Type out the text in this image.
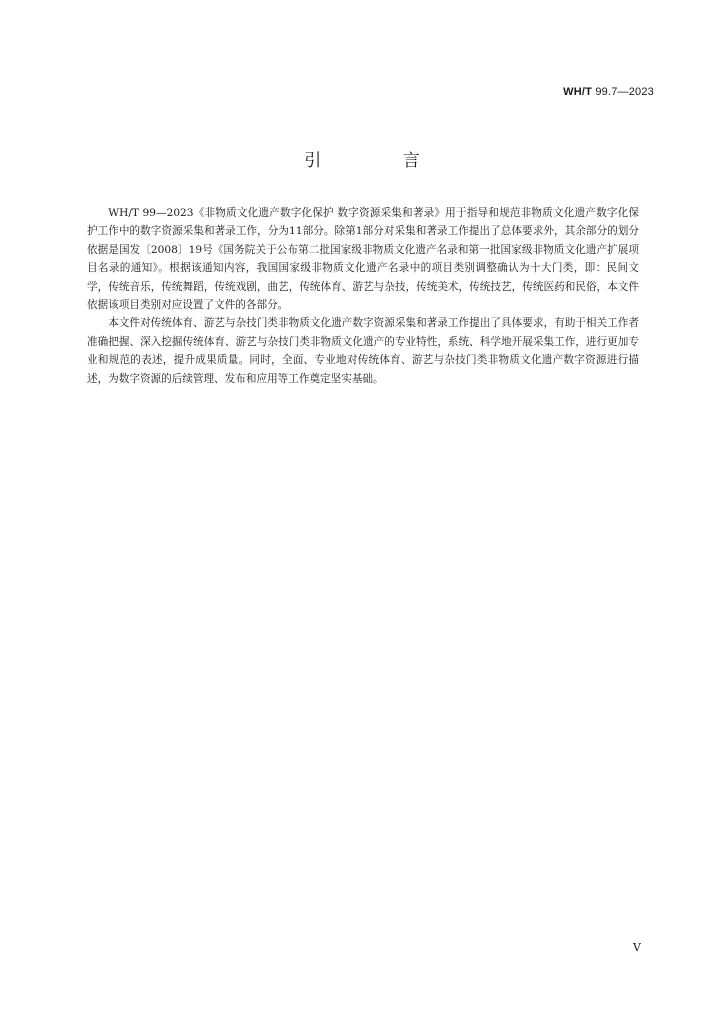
WH/T 99.7—2023
引 言

WH/T 99—2023《非物质文化遗产数字化保护 数字资源采集和著录》用于指导和规范非物质文化遗产数字化保护工作中的数字资源采集和著录工作，分为11部分。除第1部分对采集和著录工作提出了总体要求外，其余部分的划分依据是国发〔2008〕19号《国务院关于公布第二批国家级非物质文化遗产名录和第一批国家级非物质文化遗产扩展项目名录的通知》。根据该通知内容，我国国家级非物质文化遗产名录中的项目类别调整确认为十大门类，即：民间文学，传统音乐，传统舞蹈，传统戏剧，曲艺，传统体育、游艺与杂技，传统美术，传统技艺，传统医药和民俗，本文件依据该项目类别对应设置了文件的各部分。

本文件对传统体育、游艺与杂技门类非物质文化遗产数字资源采集和著录工作提出了具体要求，有助于相关工作者准确把握、深入挖掘传统体育、游艺与杂技门类非物质文化遗产的专业特性，系统、科学地开展采集工作，进行更加专业和规范的表述，提升成果质量。同时，全面、专业地对传统体育、游艺与杂技门类非物质文化遗产数字资源进行描述，为数字资源的后续管理、发布和应用等工作奠定坚实基础。

V
